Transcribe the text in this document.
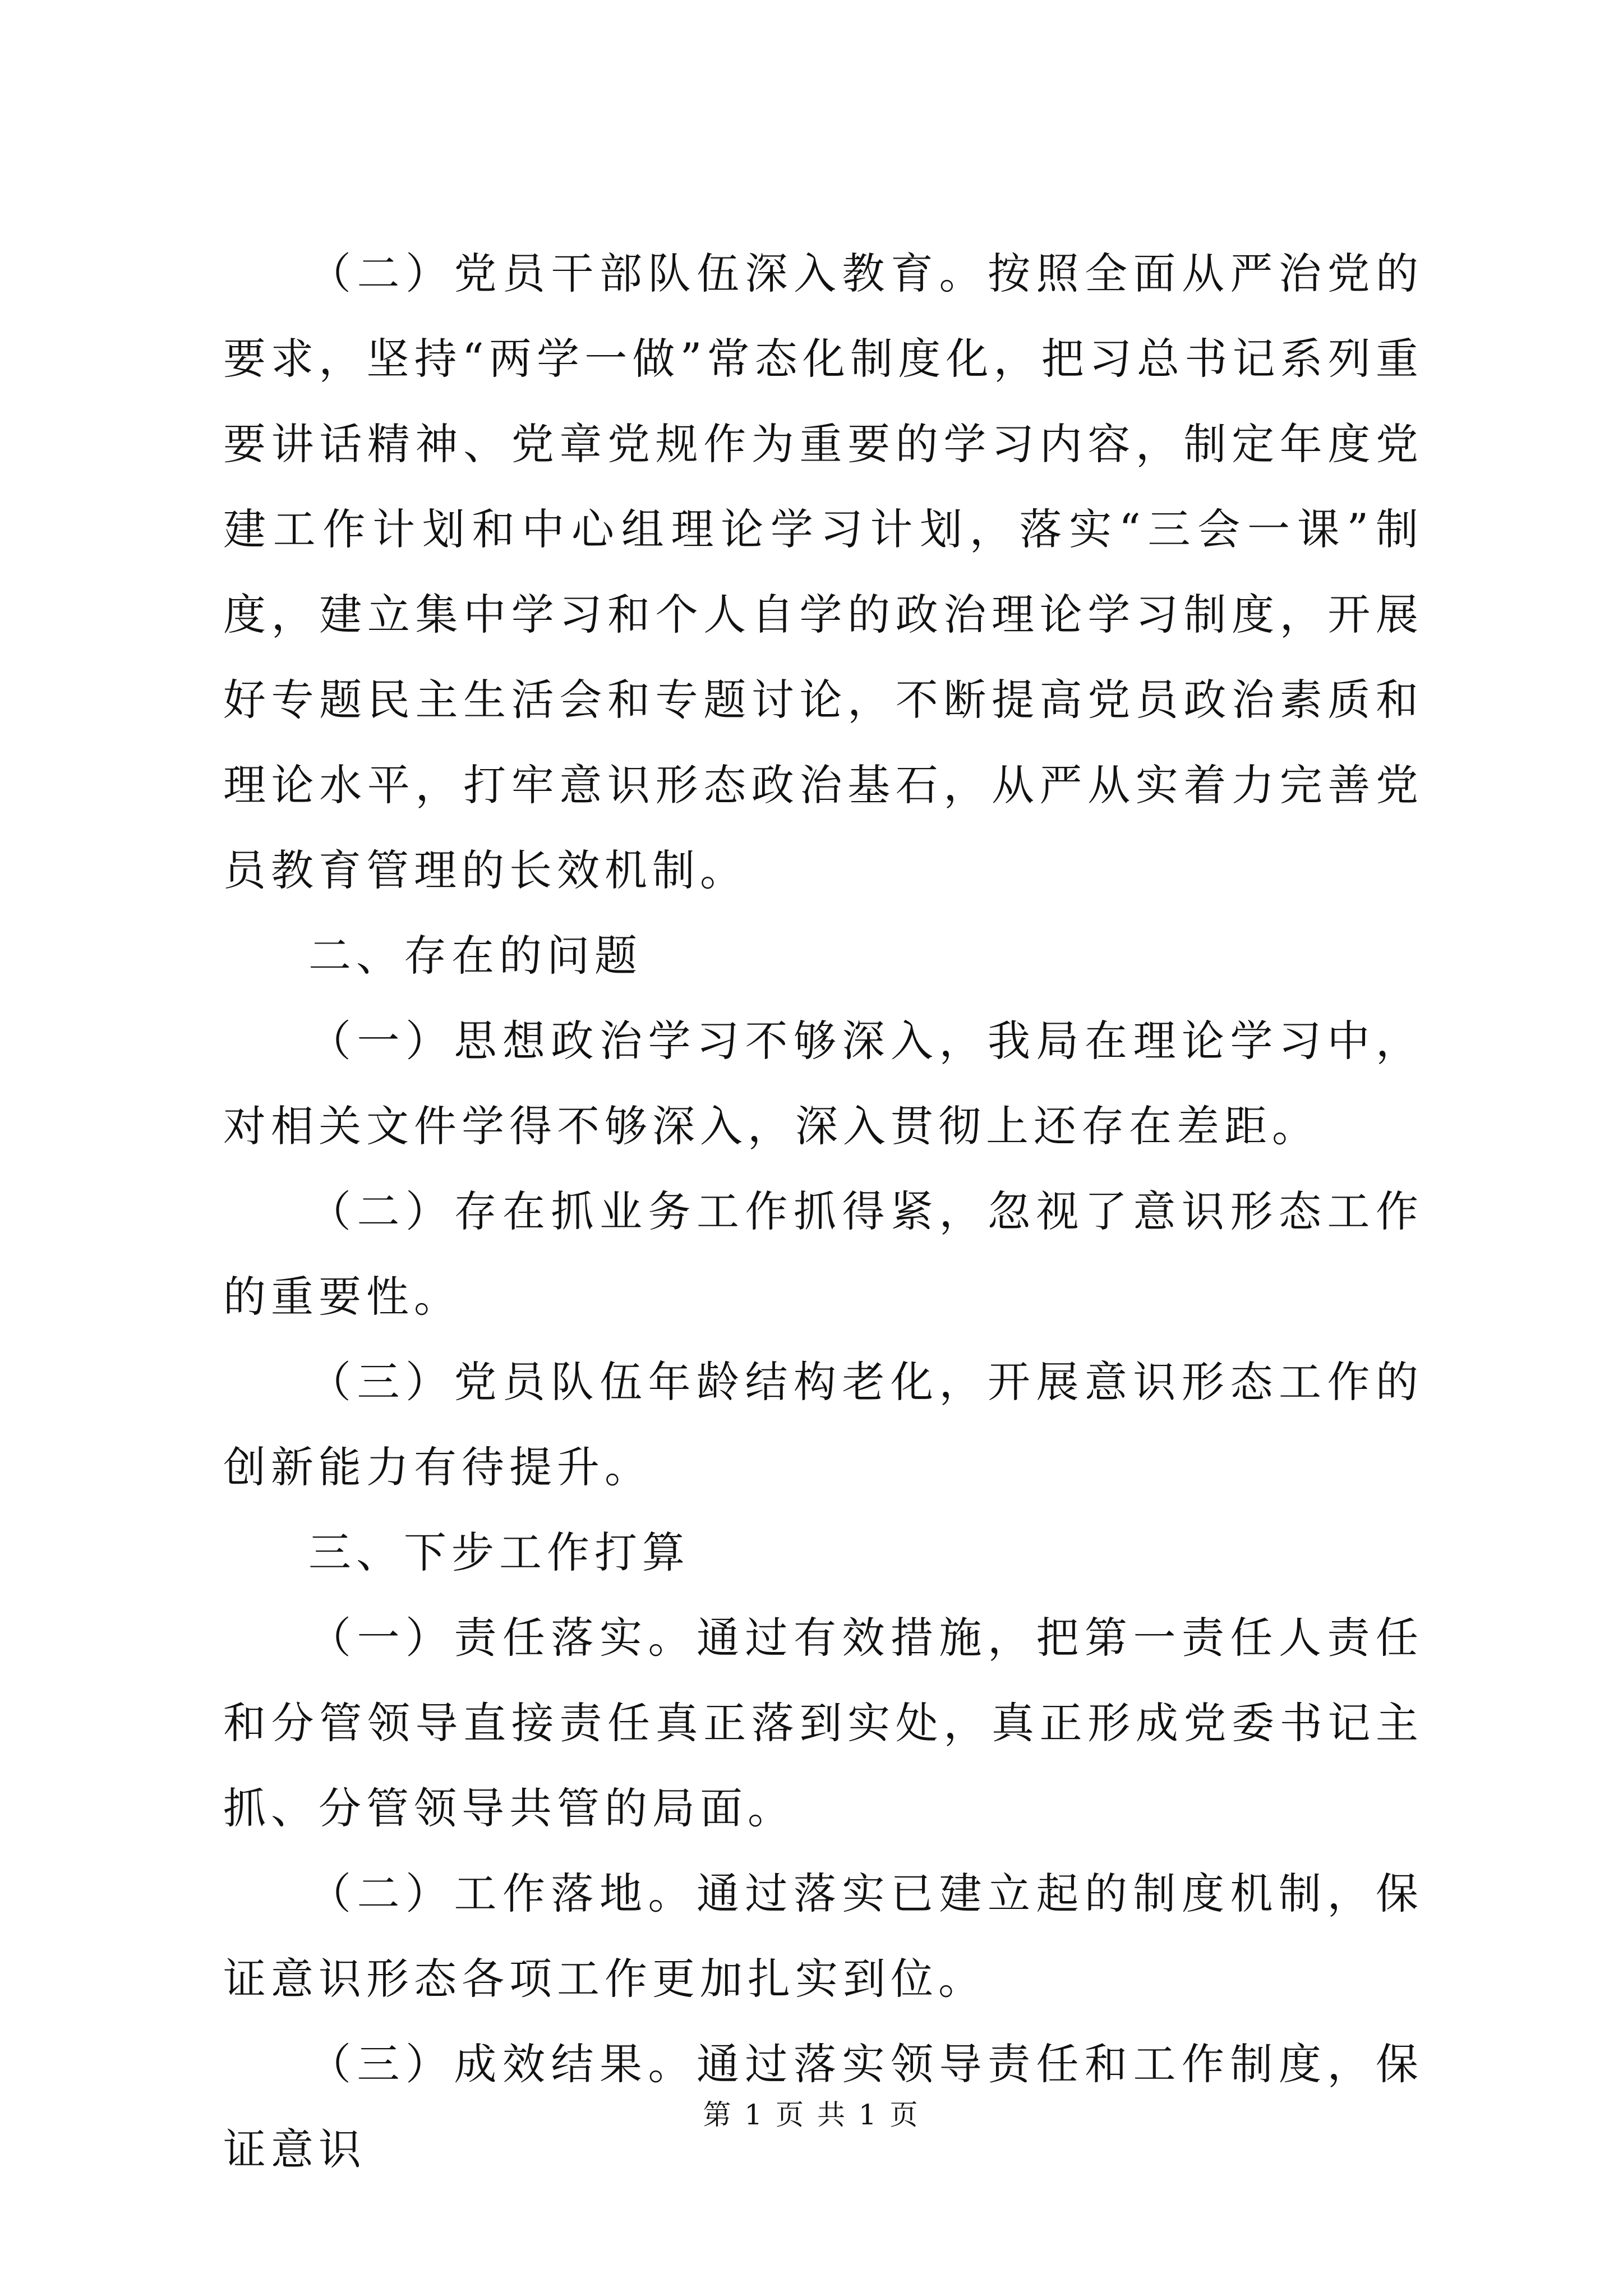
（二）党员干部队伍深入教育。按照全面从严治党的要求，坚持“两学一做”常态化制度化，把习总书记系列重要讲话精神、党章党规作为重要的学习内容，制定年度党建工作计划和中心组理论学习计划，落实“三会一课”制度，建立集中学习和个人自学的政治理论学习制度，开展好专题民主生活会和专题讨论，不断提高党员政治素质和理论水平，打牢意识形态政治基石，从严从实着力完善党员教育管理的长效机制。

二、存在的问题

（一）思想政治学习不够深入，我局在理论学习中，对相关文件学得不够深入，深入贯彻上还存在差距。

（二）存在抓业务工作抓得紧，忽视了意识形态工作的重要性。

（三）党员队伍年龄结构老化，开展意识形态工作的创新能力有待提升。

三、下步工作打算

（一）责任落实。通过有效措施，把第一责任人责任和分管领导直接责任真正落到实处，真正形成党委书记主抓、分管领导共管的局面。

（二）工作落地。通过落实已建立起的制度机制，保证意识形态各项工作更加扎实到位。

（三）成效结果。通过落实领导责任和工作制度，保证意识

第 1 页 共 1 页
